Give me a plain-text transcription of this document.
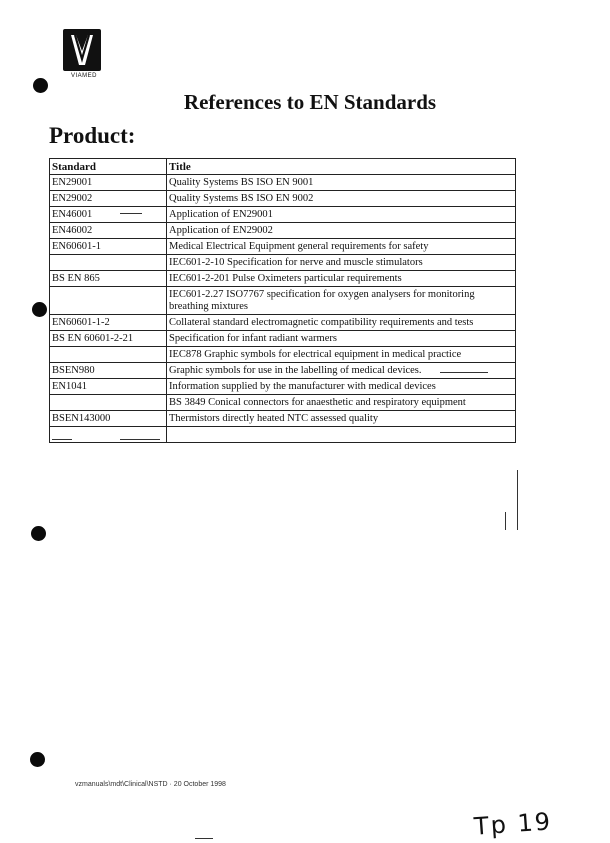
VIAMED
References to EN Standards
Product:
Standard	Title
EN29001	Quality Systems BS ISO EN 9001
EN29002	Quality Systems BS ISO EN 9002
EN46001	Application of EN29001
EN46002	Application of EN29002
EN60601-1	Medical Electrical Equipment general requirements for safety
	IEC601-2-10 Specification for nerve and muscle stimulators
BS EN 865	IEC601-2-201 Pulse Oximeters particular requirements
	IEC601-2.27 ISO7767 specification for oxygen analysers for monitoring breathing mixtures
EN60601-1-2	Collateral standard electromagnetic compatibility requirements and tests
BS EN 60601-2-21	Specification for infant radiant warmers
	IEC878 Graphic symbols for electrical equipment in medical practice
BSEN980	Graphic symbols for use in the labelling of medical devices.
EN1041	Information supplied by the manufacturer with medical devices
	BS 3849 Conical connectors for anaesthetic and respiratory equipment
BSEN143000	Thermistors directly heated NTC assessed quality

vzmanuals\mdt\Clinical\NSTD · 20 October 1998
Tp 19
